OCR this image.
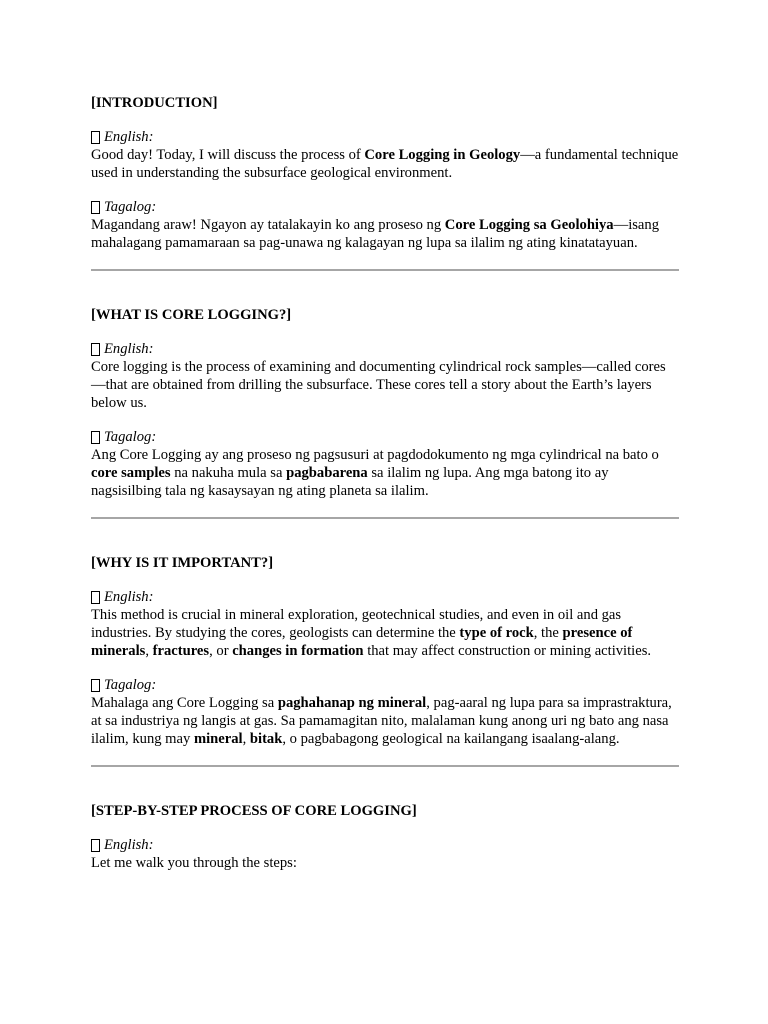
[INTRODUCTION]

English:

Good day! Today, I will discuss the process of Core Logging in Geology—a fundamental technique used in understanding the subsurface geological environment.

Tagalog:

Magandang araw! Ngayon ay tatalakayin ko ang proseso ng Core Logging sa Geolohiya—isang mahalagang pamamaraan sa pag-unawa ng kalagayan ng lupa sa ilalim ng ating kinatatayuan.

[WHAT IS CORE LOGGING?]

English:

Core logging is the process of examining and documenting cylindrical rock samples—called cores—that are obtained from drilling the subsurface. These cores tell a story about the Earth’s layers below us.

Tagalog:

Ang Core Logging ay ang proseso ng pagsusuri at pagdodokumento ng mga cylindrical na bato o core samples na nakuha mula sa pagbabarena sa ilalim ng lupa. Ang mga batong ito ay nagsisilbing tala ng kasaysayan ng ating planeta sa ilalim.

[WHY IS IT IMPORTANT?]

English:

This method is crucial in mineral exploration, geotechnical studies, and even in oil and gas industries. By studying the cores, geologists can determine the type of rock, the presence of minerals, fractures, or changes in formation that may affect construction or mining activities.

Tagalog:

Mahalaga ang Core Logging sa paghahanap ng mineral, pag-aaral ng lupa para sa imprastraktura, at sa industriya ng langis at gas. Sa pamamagitan nito, malalaman kung anong uri ng bato ang nasa ilalim, kung may mineral, bitak, o pagbabagong geological na kailangang isaalang-alang.

[STEP-BY-STEP PROCESS OF CORE LOGGING]

English:

Let me walk you through the steps:
